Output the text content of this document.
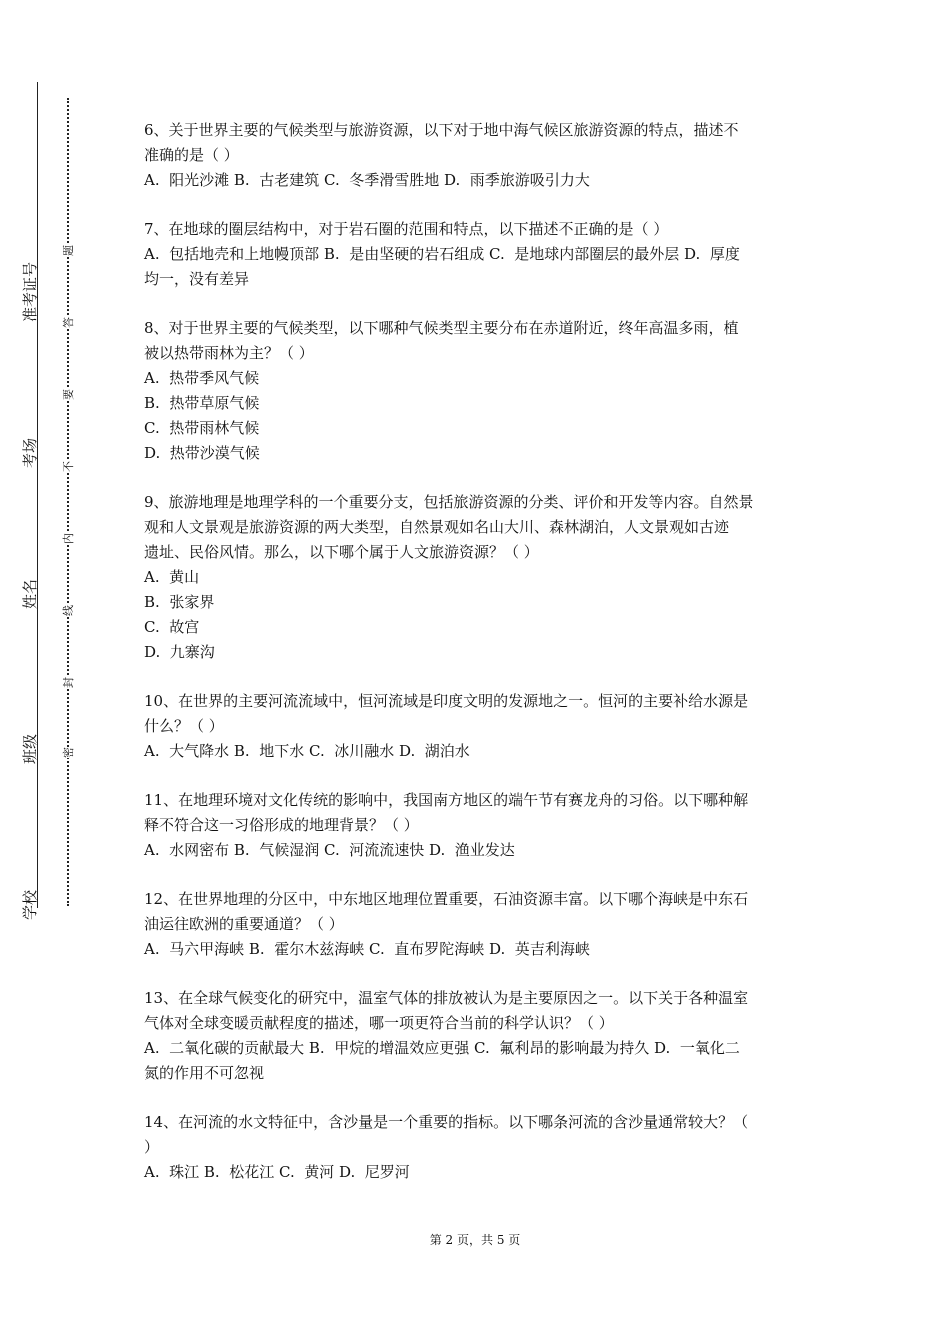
学校
班级
姓名
考场
准考证号
密
封
线
内
不
要
答
题
6、关于世界主要的气候类型与旅游资源，以下对于地中海气候区旅游资源的特点，描述不
准确的是（ ）
A.  阳光沙滩 B.  古老建筑 C.  冬季滑雪胜地 D.  雨季旅游吸引力大
7、在地球的圈层结构中，对于岩石圈的范围和特点，以下描述不正确的是（ ）
A.  包括地壳和上地幔顶部 B.  是由坚硬的岩石组成 C.  是地球内部圈层的最外层 D.  厚度
均一，没有差异
8、对于世界主要的气候类型，以下哪种气候类型主要分布在赤道附近，终年高温多雨，植
被以热带雨林为主？（ ）
A.  热带季风气候
B.  热带草原气候
C.  热带雨林气候
D.  热带沙漠气候
9、旅游地理是地理学科的一个重要分支，包括旅游资源的分类、评价和开发等内容。自然景
观和人文景观是旅游资源的两大类型，自然景观如名山大川、森林湖泊，人文景观如古迹
遗址、民俗风情。那么，以下哪个属于人文旅游资源？（ ）
A.  黄山
B.  张家界
C.  故宫
D.  九寨沟
10、在世界的主要河流流域中，恒河流域是印度文明的发源地之一。恒河的主要补给水源是
什么？（ ）
A.  大气降水 B.  地下水 C.  冰川融水 D.  湖泊水
11、在地理环境对文化传统的影响中，我国南方地区的端午节有赛龙舟的习俗。以下哪种解
释不符合这一习俗形成的地理背景？（ ）
A.  水网密布 B.  气候湿润 C.  河流流速快 D.  渔业发达
12、在世界地理的分区中，中东地区地理位置重要，石油资源丰富。以下哪个海峡是中东石
油运往欧洲的重要通道？（ ）
A.  马六甲海峡 B.  霍尔木兹海峡 C.  直布罗陀海峡 D.  英吉利海峡
13、在全球气候变化的研究中，温室气体的排放被认为是主要原因之一。以下关于各种温室
气体对全球变暖贡献程度的描述，哪一项更符合当前的科学认识？（ ）
A.  二氧化碳的贡献最大 B.  甲烷的增温效应更强 C.  氟利昂的影响最为持久 D.  一氧化二
氮的作用不可忽视
14、在河流的水文特征中，含沙量是一个重要的指标。以下哪条河流的含沙量通常较大？（
）
A.  珠江 B.  松花江 C.  黄河 D.  尼罗河
第 2 页，共 5 页
